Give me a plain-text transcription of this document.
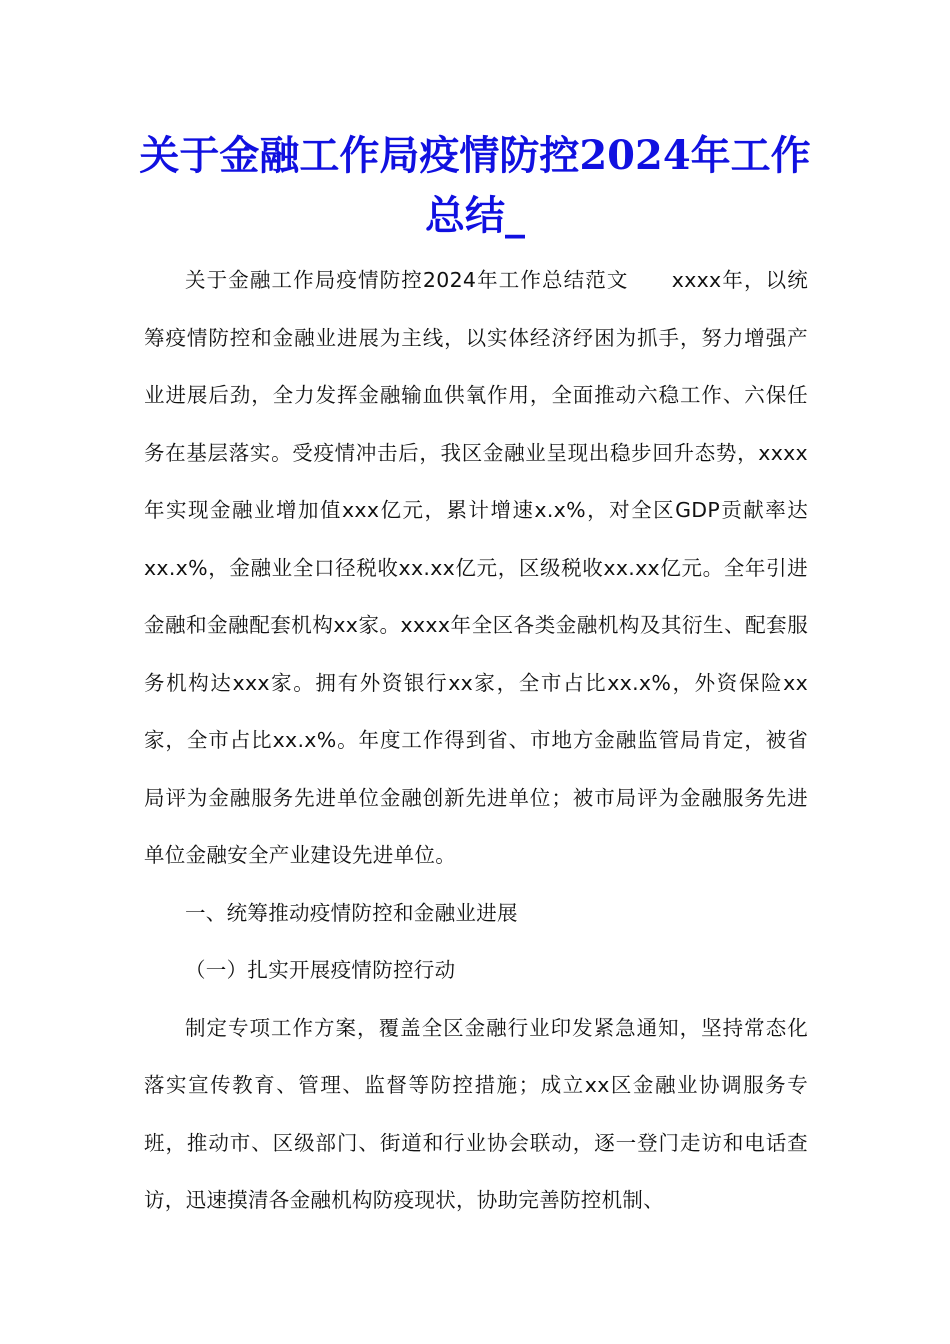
关于金融工作局疫情防控2024年工作总结_

关于金融工作局疫情防控2024年工作总结范文　　xxxx年，以统筹疫情防控和金融业进展为主线，以实体经济纾困为抓手，努力增强产业进展后劲，全力发挥金融输血供氧作用，全面推动六稳工作、六保任务在基层落实。受疫情冲击后，我区金融业呈现出稳步回升态势，xxxx年实现金融业增加值xxx亿元，累计增速x.x%，对全区GDP贡献率达xx.x%，金融业全口径税收xx.xx亿元，区级税收xx.xx亿元。全年引进金融和金融配套机构xx家。xxxx年全区各类金融机构及其衍生、配套服务机构达xxx家。拥有外资银行xx家，全市占比xx.x%，外资保险xx家，全市占比xx.x%。年度工作得到省、市地方金融监管局肯定，被省局评为金融服务先进单位金融创新先进单位；被市局评为金融服务先进单位金融安全产业建设先进单位。

一、统筹推动疫情防控和金融业进展

（一）扎实开展疫情防控行动

制定专项工作方案，覆盖全区金融行业印发紧急通知，坚持常态化落实宣传教育、管理、监督等防控措施；成立xx区金融业协调服务专班，推动市、区级部门、街道和行业协会联动，逐一登门走访和电话查访，迅速摸清各金融机构防疫现状，协助完善防控机制、
